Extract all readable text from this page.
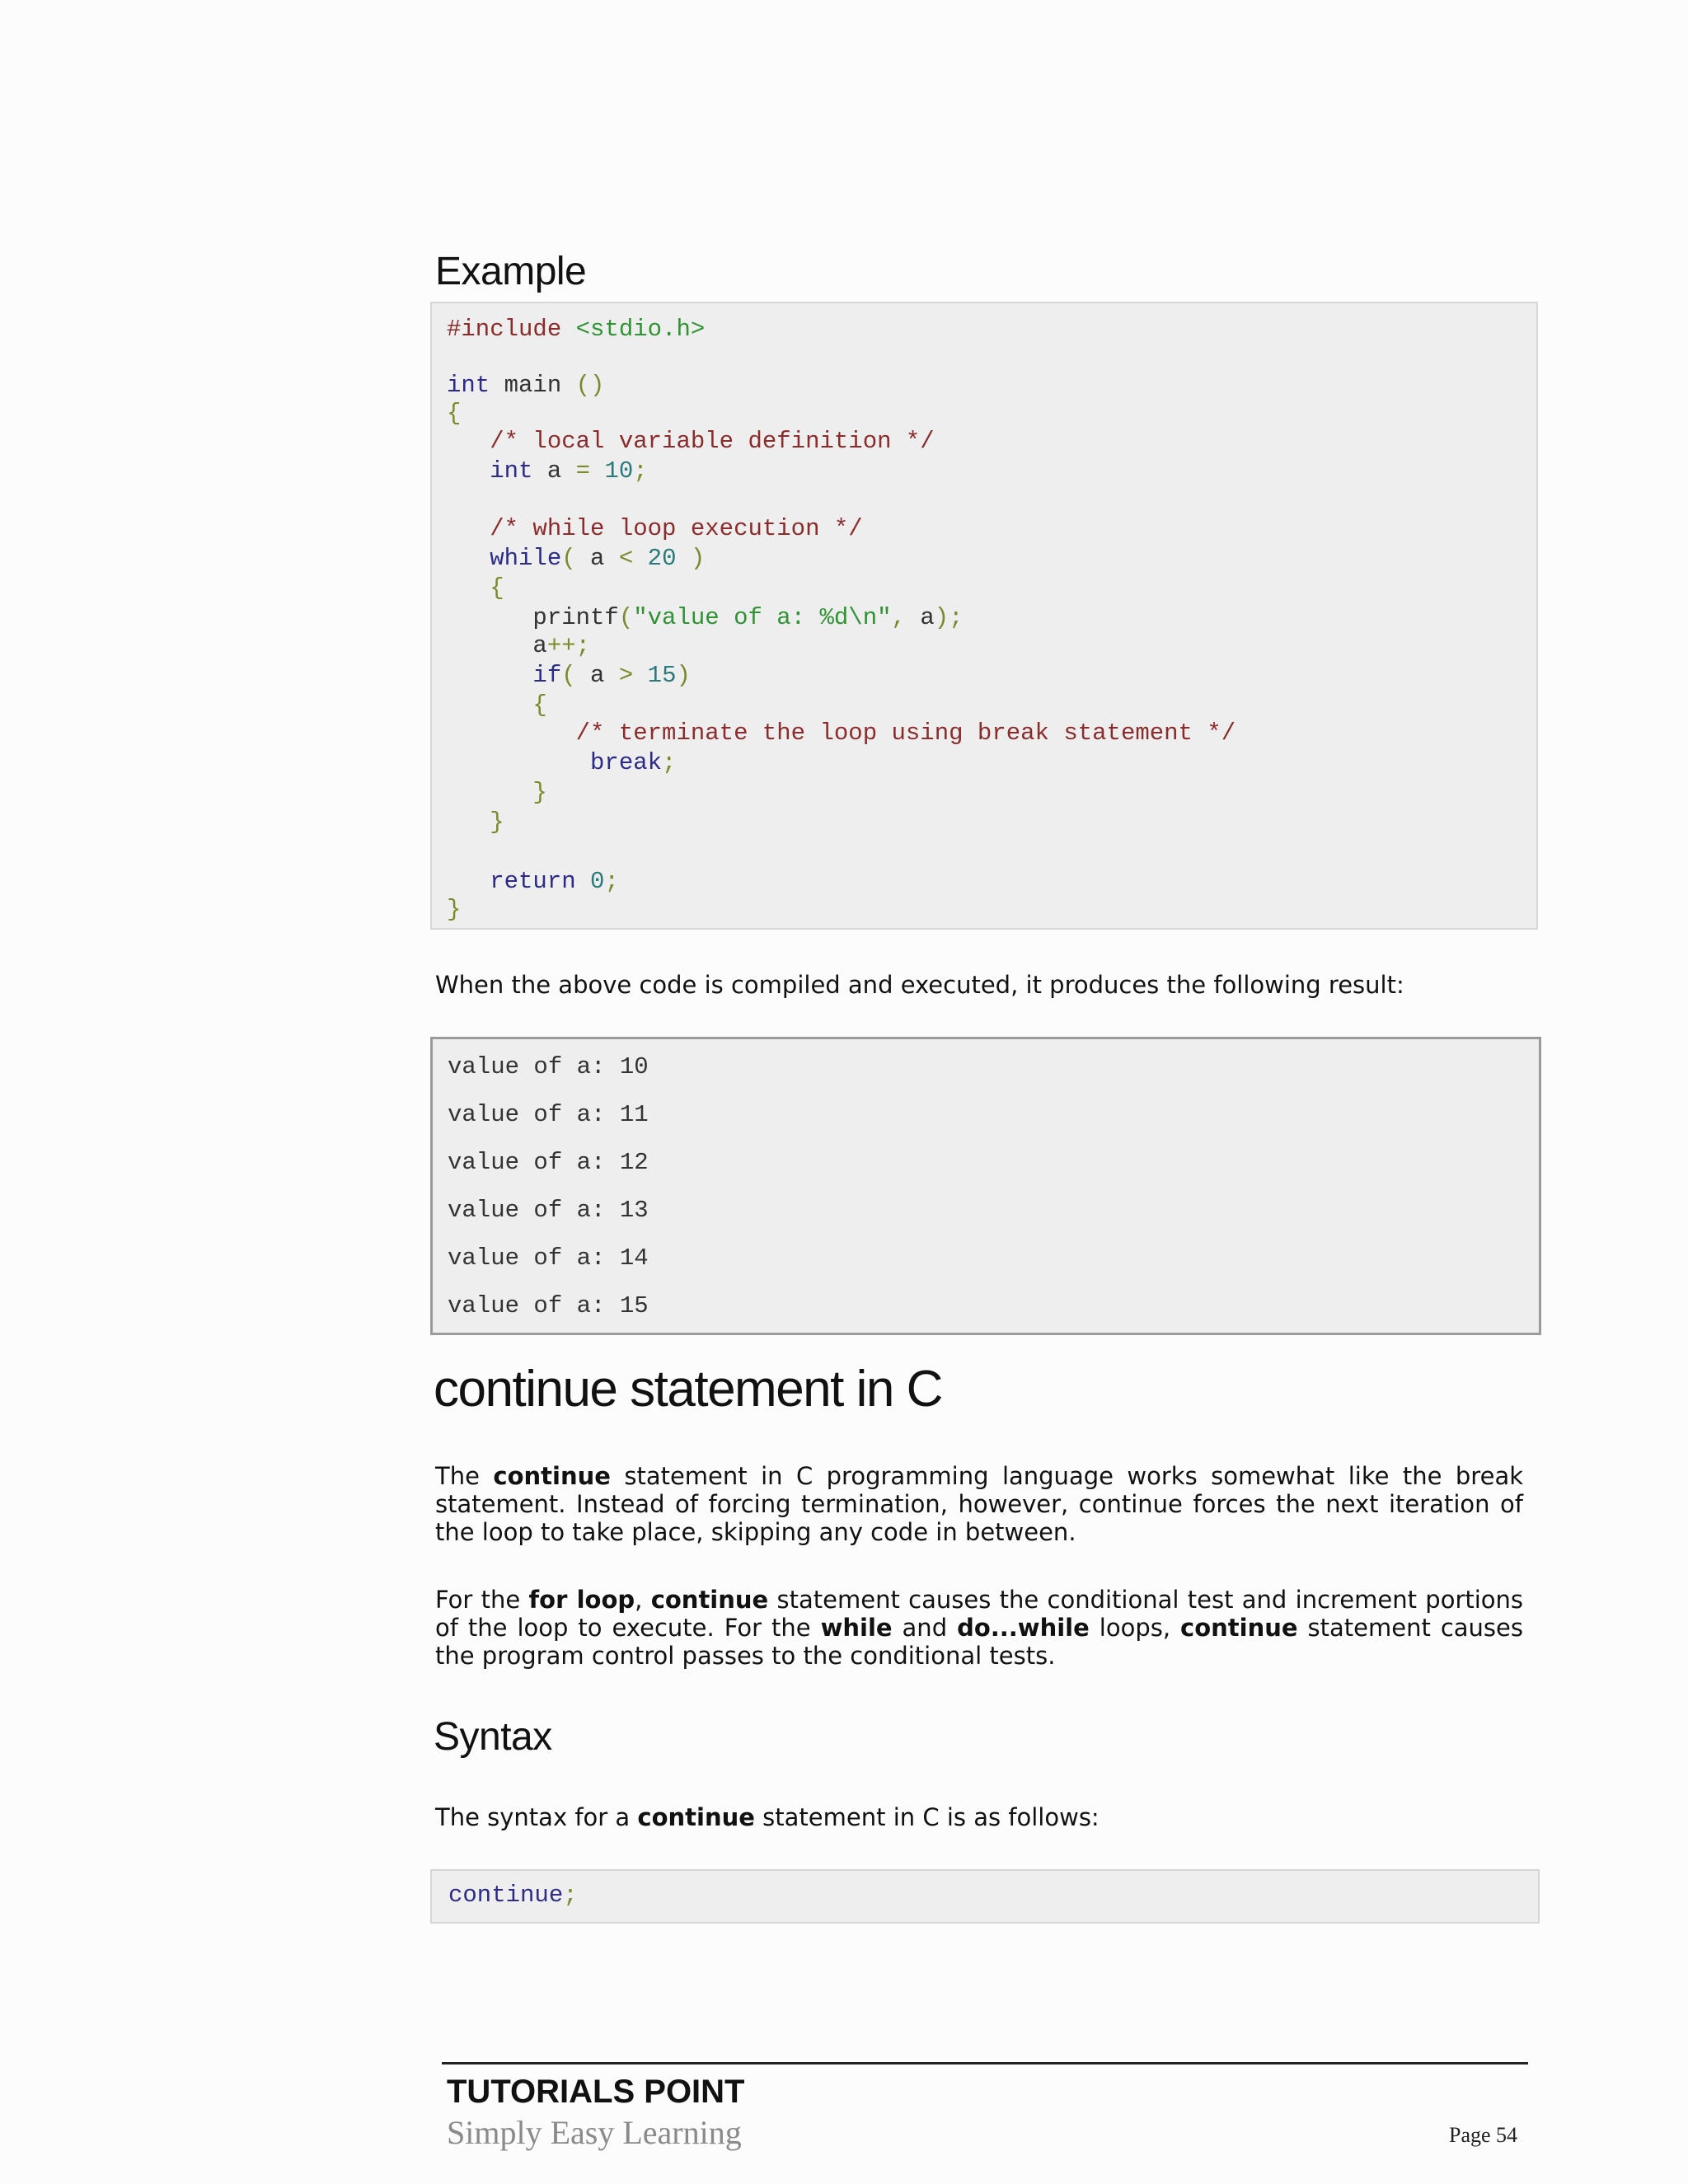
Example
#include <stdio.h>
int main ()
{
/* local variable definition */
int a = 10;
/* while loop execution */
while( a < 20 )
{
printf("value of a: %d\n", a);
a++;
if( a > 15)
{
/* terminate the loop using break statement */
break;
}
}
return 0;
}

When the above code is compiled and executed, it produces the following result:

value of a: 10
value of a: 11
value of a: 12
value of a: 13
value of a: 14
value of a: 15
continue statement in C

The continue statement in C programming language works somewhat like the break statement. Instead of forcing termination, however, continue forces the next iteration of the loop to take place, skipping any code in between.

For the for loop, continue statement causes the conditional test and increment portions of the loop to execute. For the while and do...while loops, continue statement causes the program control passes to the conditional tests.

Syntax

The syntax for a continue statement in C is as follows:

continue;
TUTORIALS POINT
Simply Easy Learning	Page 54
